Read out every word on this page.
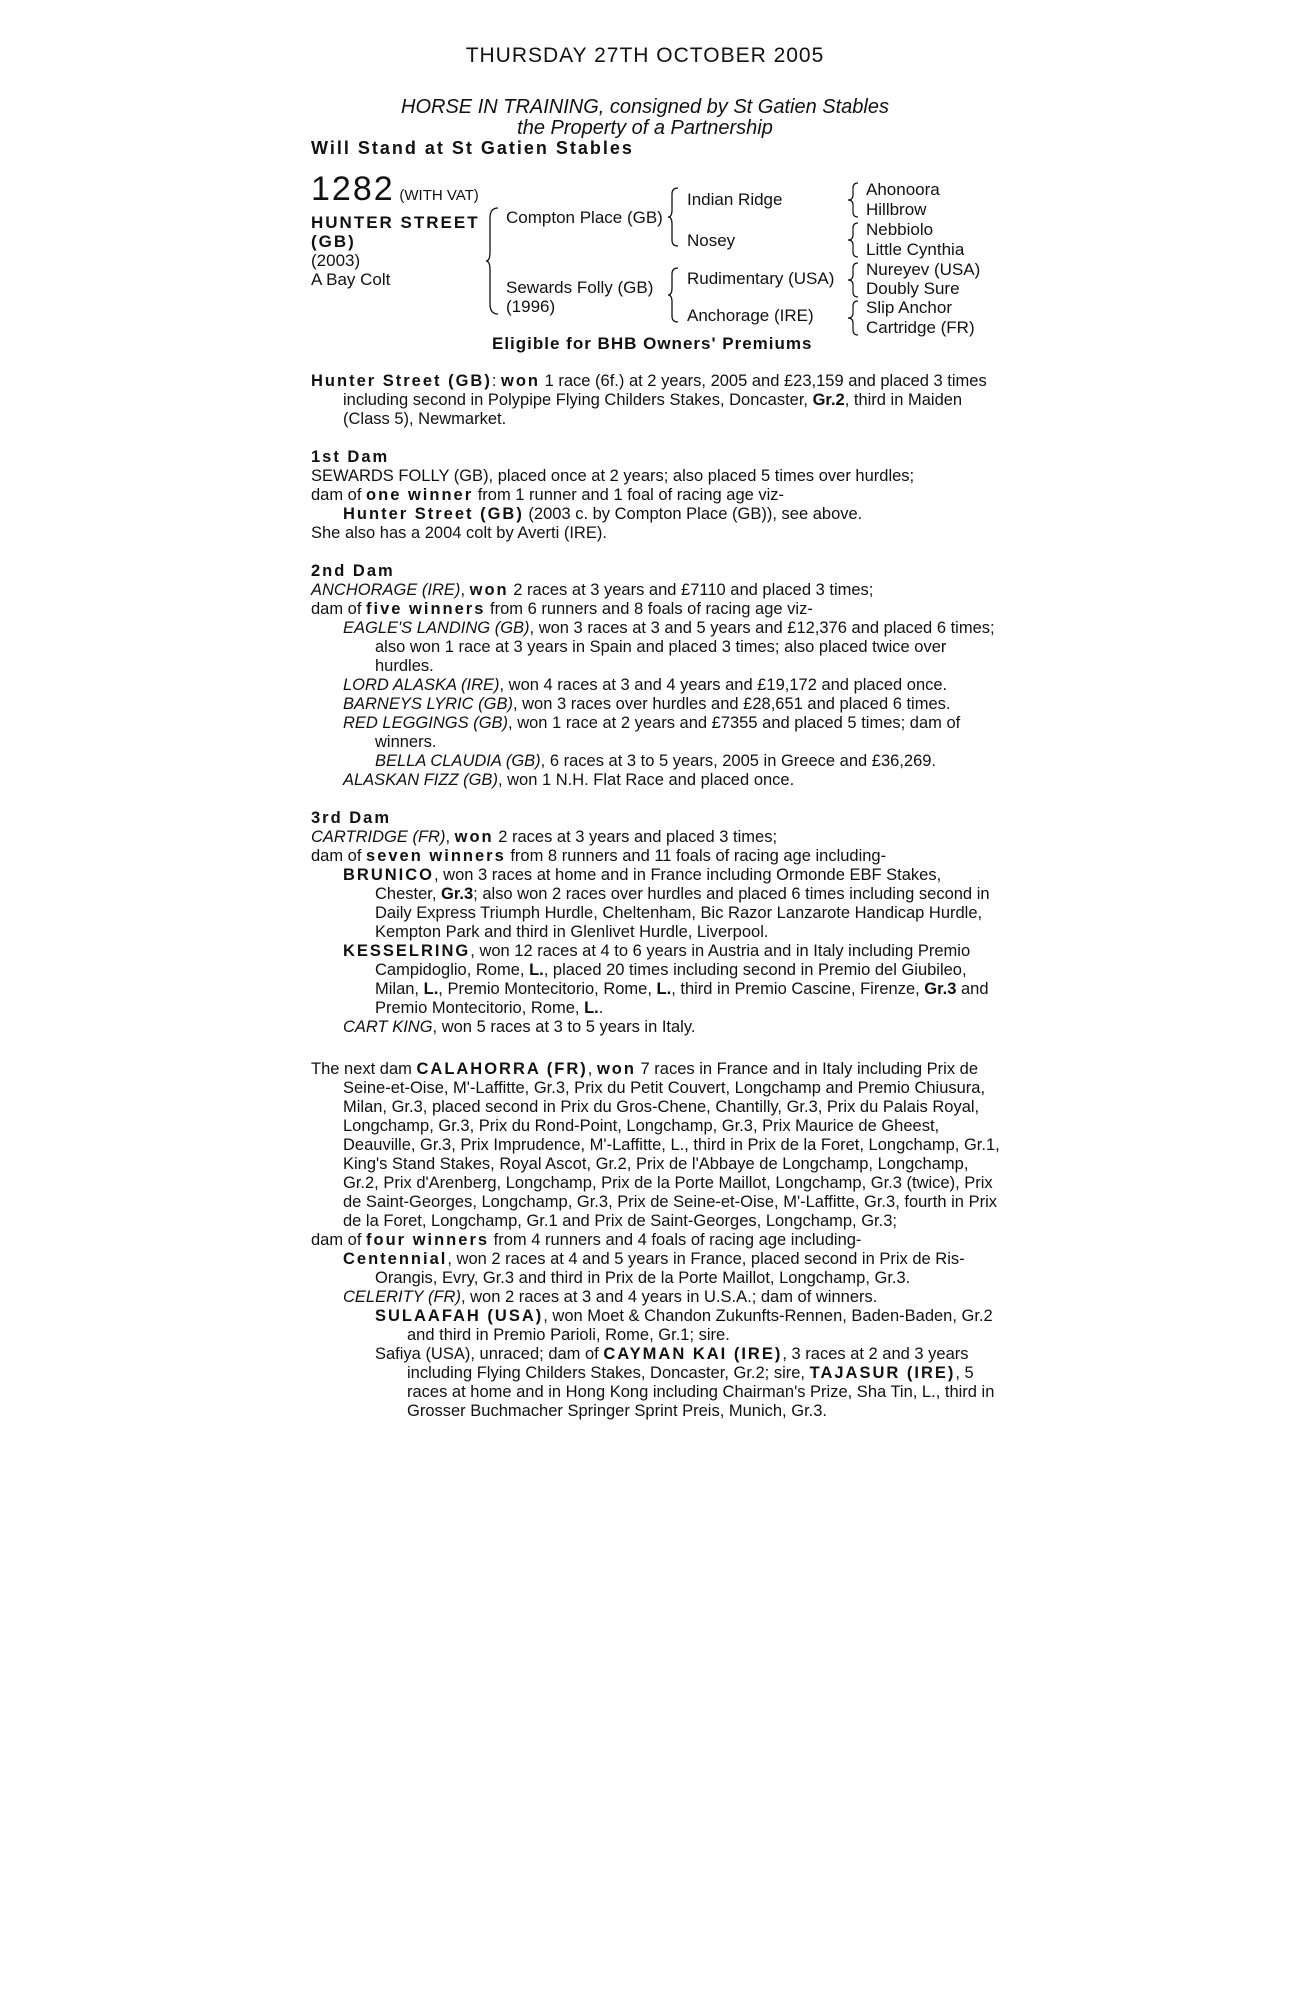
THURSDAY 27TH OCTOBER 2005
HORSE IN TRAINING, consigned by St Gatien Stables
the Property of a Partnership
Will Stand at St Gatien Stables
1282 (WITH VAT)
HUNTER STREET
(GB)
(2003)
A Bay Colt
Compton Place (GB)
Sewards Folly (GB)
(1996)
Indian Ridge
Nosey
Rudimentary (USA)
Anchorage (IRE)
Ahonoora
Hillbrow
Nebbiolo
Little Cynthia
Nureyev (USA)
Doubly Sure
Slip Anchor
Cartridge (FR)
Eligible for BHB Owners' Premiums

Hunter Street (GB): won 1 race (6f.) at 2 years, 2005 and £23,159 and placed 3 times including second in Polypipe Flying Childers Stakes, Doncaster, Gr.2, third in Maiden (Class 5), Newmarket.

1st Dam

SEWARDS FOLLY (GB), placed once at 2 years; also placed 5 times over hurdles;

dam of one winner from 1 runner and 1 foal of racing age viz-

Hunter Street (GB) (2003 c. by Compton Place (GB)), see above.

She also has a 2004 colt by Averti (IRE).

2nd Dam

ANCHORAGE (IRE), won 2 races at 3 years and £7110 and placed 3 times;

dam of five winners from 6 runners and 8 foals of racing age viz-

EAGLE'S LANDING (GB), won 3 races at 3 and 5 years and £12,376 and placed 6 times; also won 1 race at 3 years in Spain and placed 3 times; also placed twice over hurdles.

LORD ALASKA (IRE), won 4 races at 3 and 4 years and £19,172 and placed once.

BARNEYS LYRIC (GB), won 3 races over hurdles and £28,651 and placed 6 times.

RED LEGGINGS (GB), won 1 race at 2 years and £7355 and placed 5 times; dam of winners.

BELLA CLAUDIA (GB), 6 races at 3 to 5 years, 2005 in Greece and £36,269.

ALASKAN FIZZ (GB), won 1 N.H. Flat Race and placed once.

3rd Dam

CARTRIDGE (FR), won 2 races at 3 years and placed 3 times;

dam of seven winners from 8 runners and 11 foals of racing age including-

BRUNICO, won 3 races at home and in France including Ormonde EBF Stakes, Chester, Gr.3; also won 2 races over hurdles and placed 6 times including second in Daily Express Triumph Hurdle, Cheltenham, Bic Razor Lanzarote Handicap Hurdle, Kempton Park and third in Glenlivet Hurdle, Liverpool.

KESSELRING, won 12 races at 4 to 6 years in Austria and in Italy including Premio Campidoglio, Rome, L., placed 20 times including second in Premio del Giubileo, Milan, L., Premio Montecitorio, Rome, L., third in Premio Cascine, Firenze, Gr.3 and Premio Montecitorio, Rome, L..

CART KING, won 5 races at 3 to 5 years in Italy.

The next dam CALAHORRA (FR), won 7 races in France and in Italy including Prix de Seine-et-Oise, M'-Laffitte, Gr.3, Prix du Petit Couvert, Longchamp and Premio Chiusura, Milan, Gr.3, placed second in Prix du Gros-Chene, Chantilly, Gr.3, Prix du Palais Royal, Longchamp, Gr.3, Prix du Rond-Point, Longchamp, Gr.3, Prix Maurice de Gheest, Deauville, Gr.3, Prix Imprudence, M'-Laffitte, L., third in Prix de la Foret, Longchamp, Gr.1, King's Stand Stakes, Royal Ascot, Gr.2, Prix de l'Abbaye de Longchamp, Longchamp, Gr.2, Prix d'Arenberg, Longchamp, Prix de la Porte Maillot, Longchamp, Gr.3 (twice), Prix de Saint-Georges, Longchamp, Gr.3, Prix de Seine-et-Oise, M'-Laffitte, Gr.3, fourth in Prix de la Foret, Longchamp, Gr.1 and Prix de Saint-Georges, Longchamp, Gr.3;

dam of four winners from 4 runners and 4 foals of racing age including-

Centennial, won 2 races at 4 and 5 years in France, placed second in Prix de Ris-Orangis, Evry, Gr.3 and third in Prix de la Porte Maillot, Longchamp, Gr.3.

CELERITY (FR), won 2 races at 3 and 4 years in U.S.A.; dam of winners.

SULAAFAH (USA), won Moet & Chandon Zukunfts-Rennen, Baden-Baden, Gr.2 and third in Premio Parioli, Rome, Gr.1; sire.

Safiya (USA), unraced; dam of CAYMAN KAI (IRE), 3 races at 2 and 3 years including Flying Childers Stakes, Doncaster, Gr.2; sire, TAJASUR (IRE), 5 races at home and in Hong Kong including Chairman's Prize, Sha Tin, L., third in Grosser Buchmacher Springer Sprint Preis, Munich, Gr.3.
